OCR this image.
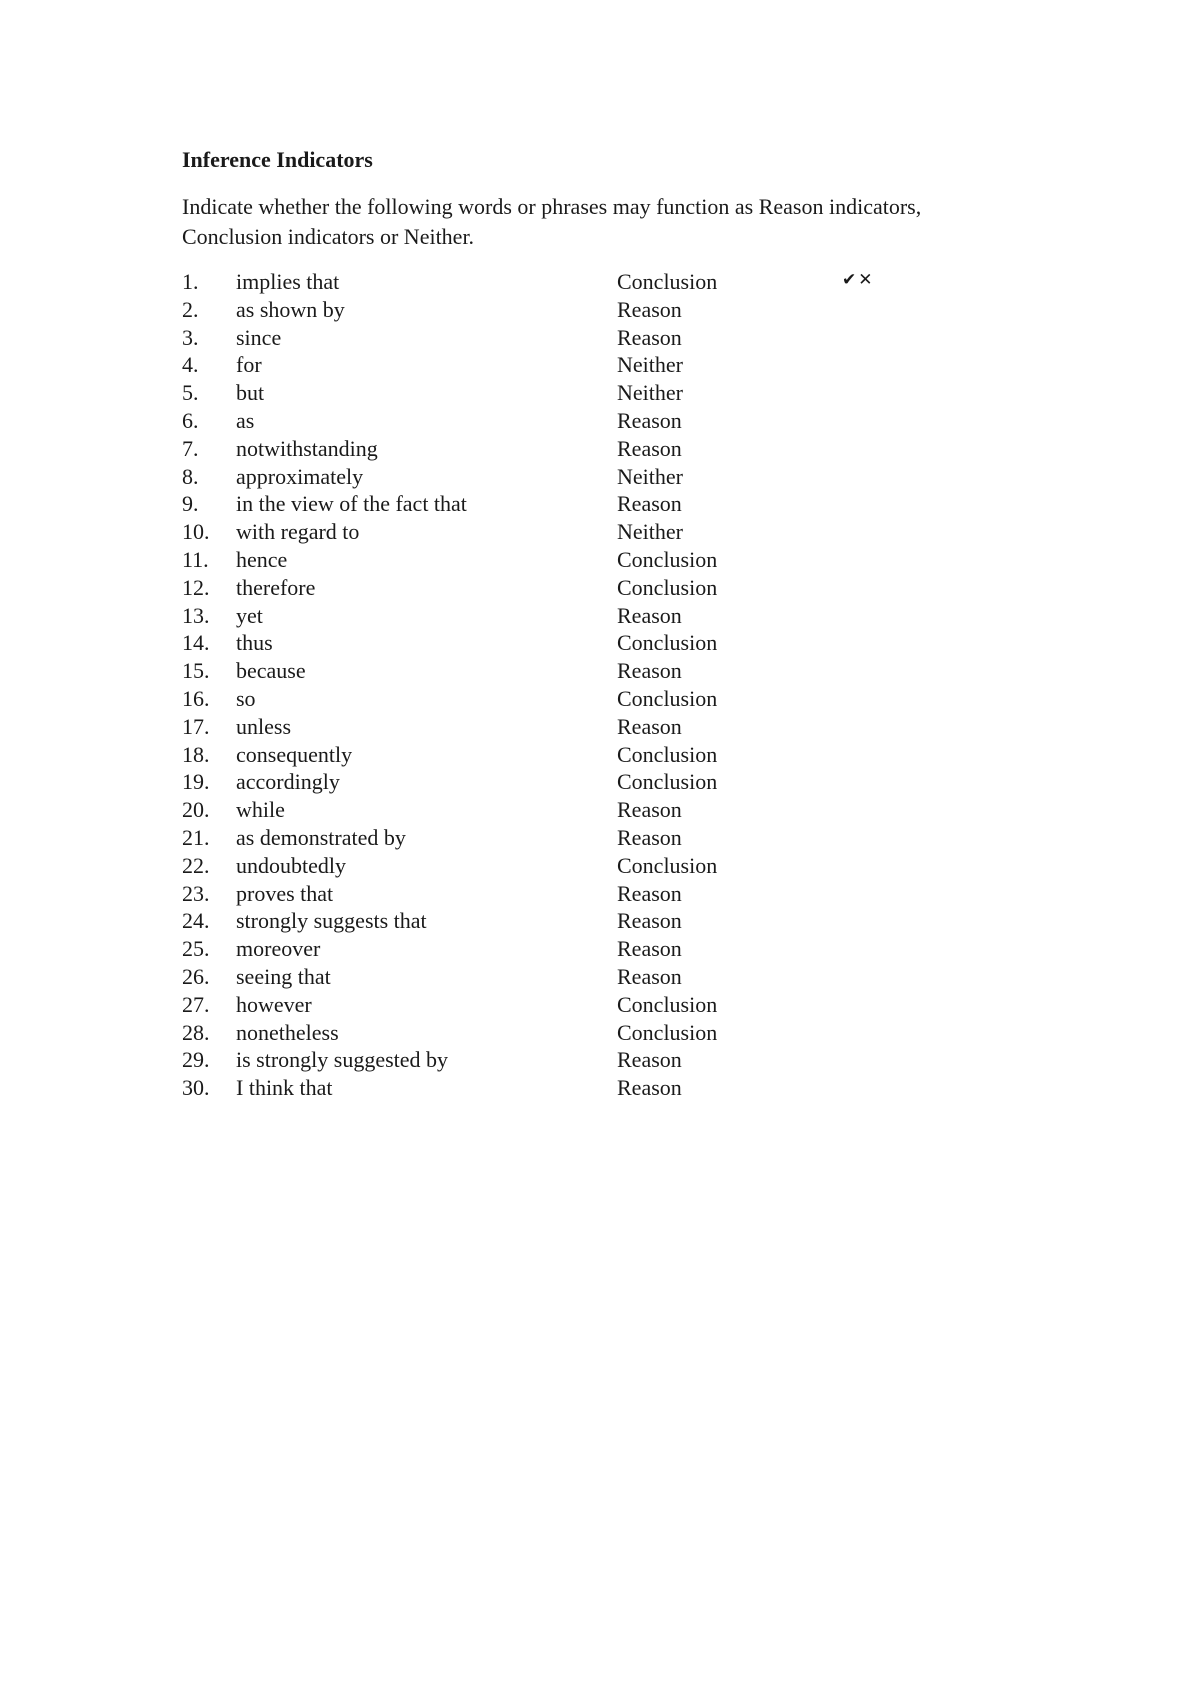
Inference Indicators

Indicate whether the following words or phrases may function as Reason indicators,

Conclusion indicators or Neither.

✔ ✕
1. implies that	Conclusion
2. as shown by	Reason
3. since	Reason
4. for	Neither
5. but	Neither
6. as	Reason
7. notwithstanding	Reason
8. approximately	Neither
9. in the view of the fact that	Reason
10. with regard to	Neither
11. hence	Conclusion
12. therefore	Conclusion
13. yet	Reason
14. thus	Conclusion
15. because	Reason
16. so	Conclusion
17. unless	Reason
18. consequently	Conclusion
19. accordingly	Conclusion
20. while	Reason
21. as demonstrated by	Reason
22. undoubtedly	Conclusion
23. proves that	Reason
24. strongly suggests that	Reason
25. moreover	Reason
26. seeing that	Reason
27. however	Conclusion
28. nonetheless	Conclusion
29. is strongly suggested by	Reason
30. I think that	Reason
